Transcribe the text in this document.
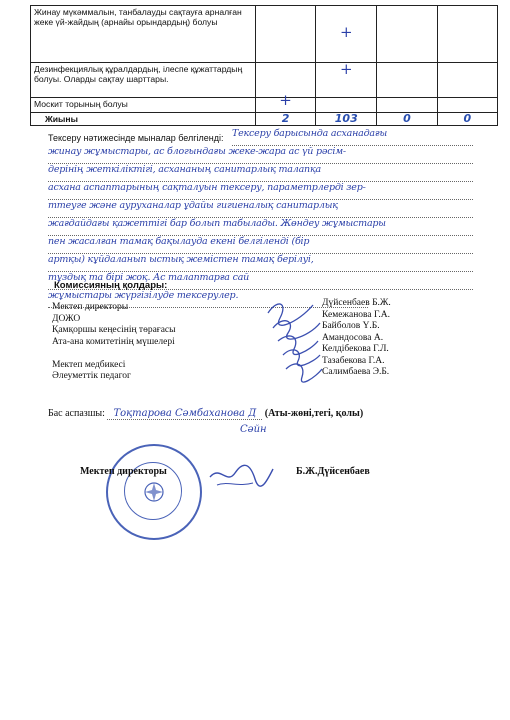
Жинау мүкәммалын, танбалауды сақтауға арналған жеке үй-жайдың (арнайы орындардың) болуы		+		
Дезинфекциялық құралдардың, ілеспе құжаттардың болуы. Оларды сақтау шарттары.		+		
Москит торының болуы	+			
Жиыны	2	103	0	0
Тексеру нәтижесінде мыналар белгіленді: Тексеру барысында асханадағы
жинау жұмыстары, ас блогындағы жеке-жара ас үй рәсім-
дерінің жеткіліктігі, асхананың санитарлық талапқа
асхана аспаптарының сақталуын тексеру, параметрлерді зер-
ттеуге және ауруханалар ұдайы гигиеналық санитарлық
жағдайдағы қажеттігі бар болып табылады. Жөндеу жұмыстары
пен жасалған тамақ бақылауда екені белгіленді (бір
артқы) кұйдаланып ыстық жемістен тамақ берілуі,
тұздық та бірі жоқ. Ас талаптарға сай
жұмыстары жүргізілуде тексерулер.
Комиссияның қолдары:
Мектеп директоры
ДОЖО
Қамқоршы кеңесінің төрағасы
Ата-ана комитетінің мүшелері
Мектеп медбикесі
Әлеуметтік педагог
Дүйсенбаев Б.Ж.
Кемежанова Г.А.
Байболов Ү.Б.
Амандосова А.
Келдібекова Г.Л.
Тазабекова Г.А.
Салимбаева Э.Б.
Бас аспазшы: Тоқтарова Сәмбаханова Д (Аты-жөні,тегі, қолы)
Сәйн
Мектеп директоры	Б.Ж.Дүйсенбаев
